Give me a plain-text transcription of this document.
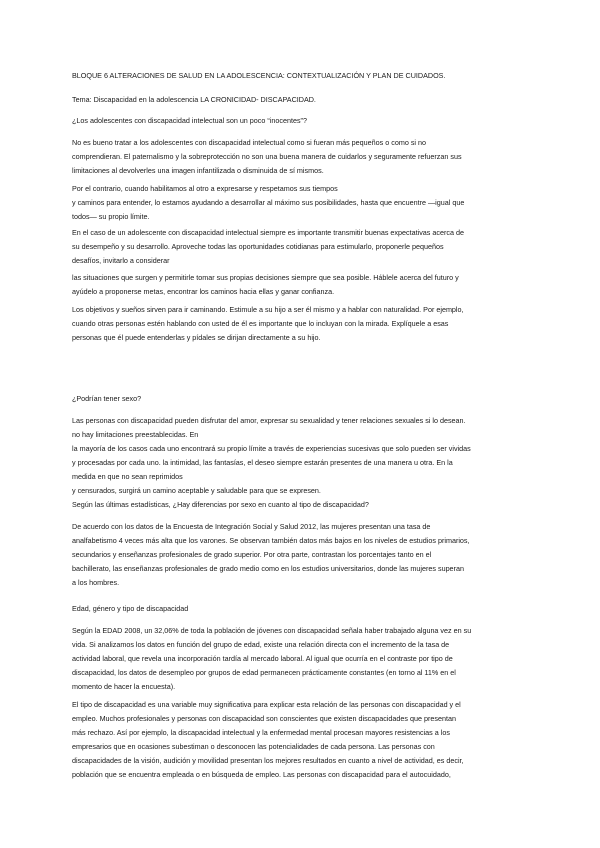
BLOQUE 6 ALTERACIONES DE SALUD EN LA ADOLESCENCIA: CONTEXTUALIZACIÓN Y PLAN DE CUIDADOS.

Tema: Discapacidad en la adolescencia LA CRONICIDAD- DISCAPACIDAD.

¿Los adolescentes con discapacidad intelectual son un poco “inocentes”?

No es bueno tratar a los adolescentes con discapacidad intelectual como si fueran más pequeños o como si no
comprendieran. El paternalismo y la sobreprotección no son una buena manera de cuidarlos y seguramente refuerzan sus
limitaciones al devolverles una imagen infantilizada o disminuida de sí mismos.

Por el contrario, cuando habilitamos al otro a expresarse y respetamos sus tiempos
y caminos para entender, lo estamos ayudando a desarrollar al máximo sus posibilidades, hasta que encuentre —igual que
todos— su propio límite.

En el caso de un adolescente con discapacidad intelectual siempre es importante transmitir buenas expectativas acerca de
su desempeño y su desarrollo. Aproveche todas las oportunidades cotidianas para estimularlo, proponerle pequeños
desafíos, invitarlo a considerar

las situaciones que surgen y permitirle tomar sus propias decisiones siempre que sea posible. Háblele acerca del futuro y
ayúdelo a proponerse metas, encontrar los caminos hacia ellas y ganar confianza.

Los objetivos y sueños sirven para ir caminando. Estimule a su hijo a ser él mismo y a hablar con naturalidad. Por ejemplo,
cuando otras personas estén hablando con usted de él es importante que lo incluyan con la mirada. Explíquele a esas
personas que él puede entenderlas y pídales se dirijan directamente a su hijo.

¿Podrían tener sexo?

Las personas con discapacidad pueden disfrutar del amor, expresar su sexualidad y tener relaciones sexuales si lo desean.
no hay limitaciones preestablecidas. En
la mayoría de los casos cada uno encontrará su propio límite a través de experiencias sucesivas que solo pueden ser vividas
y procesadas por cada uno. la intimidad, las fantasías, el deseo siempre estarán presentes de una manera u otra. En la
medida en que no sean reprimidos
y censurados, surgirá un camino aceptable y saludable para que se expresen.

Según las últimas estadísticas, ¿Hay diferencias por sexo en cuanto al tipo de discapacidad?

De acuerdo con los datos de la Encuesta de Integración Social y Salud 2012, las mujeres presentan una tasa de
analfabetismo 4 veces más alta que los varones. Se observan también datos más bajos en los niveles de estudios primarios,
secundarios y enseñanzas profesionales de grado superior. Por otra parte, contrastan los porcentajes tanto en el
bachillerato, las enseñanzas profesionales de grado medio como en los estudios universitarios, donde las mujeres superan
a los hombres.

Edad, género y tipo de discapacidad

Según la EDAD 2008, un 32,06% de toda la población de jóvenes con discapacidad señala haber trabajado alguna vez en su
vida. Si analizamos los datos en función del grupo de edad, existe una relación directa con el incremento de la tasa de
actividad laboral, que revela una incorporación tardía al mercado laboral. Al igual que ocurría en el contraste por tipo de
discapacidad, los datos de desempleo por grupos de edad permanecen prácticamente constantes (en torno al 11% en el
momento de hacer la encuesta).

El tipo de discapacidad es una variable muy significativa para explicar esta relación de las personas con discapacidad y el
empleo. Muchos profesionales y personas con discapacidad son conscientes que existen discapacidades que presentan
más rechazo. Así por ejemplo, la discapacidad intelectual y la enfermedad mental procesan mayores resistencias a los
empresarios que en ocasiones subestiman o desconocen las potencialidades de cada persona. Las personas con
discapacidades de la visión, audición y movilidad presentan los mejores resultados en cuanto a nivel de actividad, es decir,
población que se encuentra empleada o en búsqueda de empleo. Las personas con discapacidad para el autocuidado,
